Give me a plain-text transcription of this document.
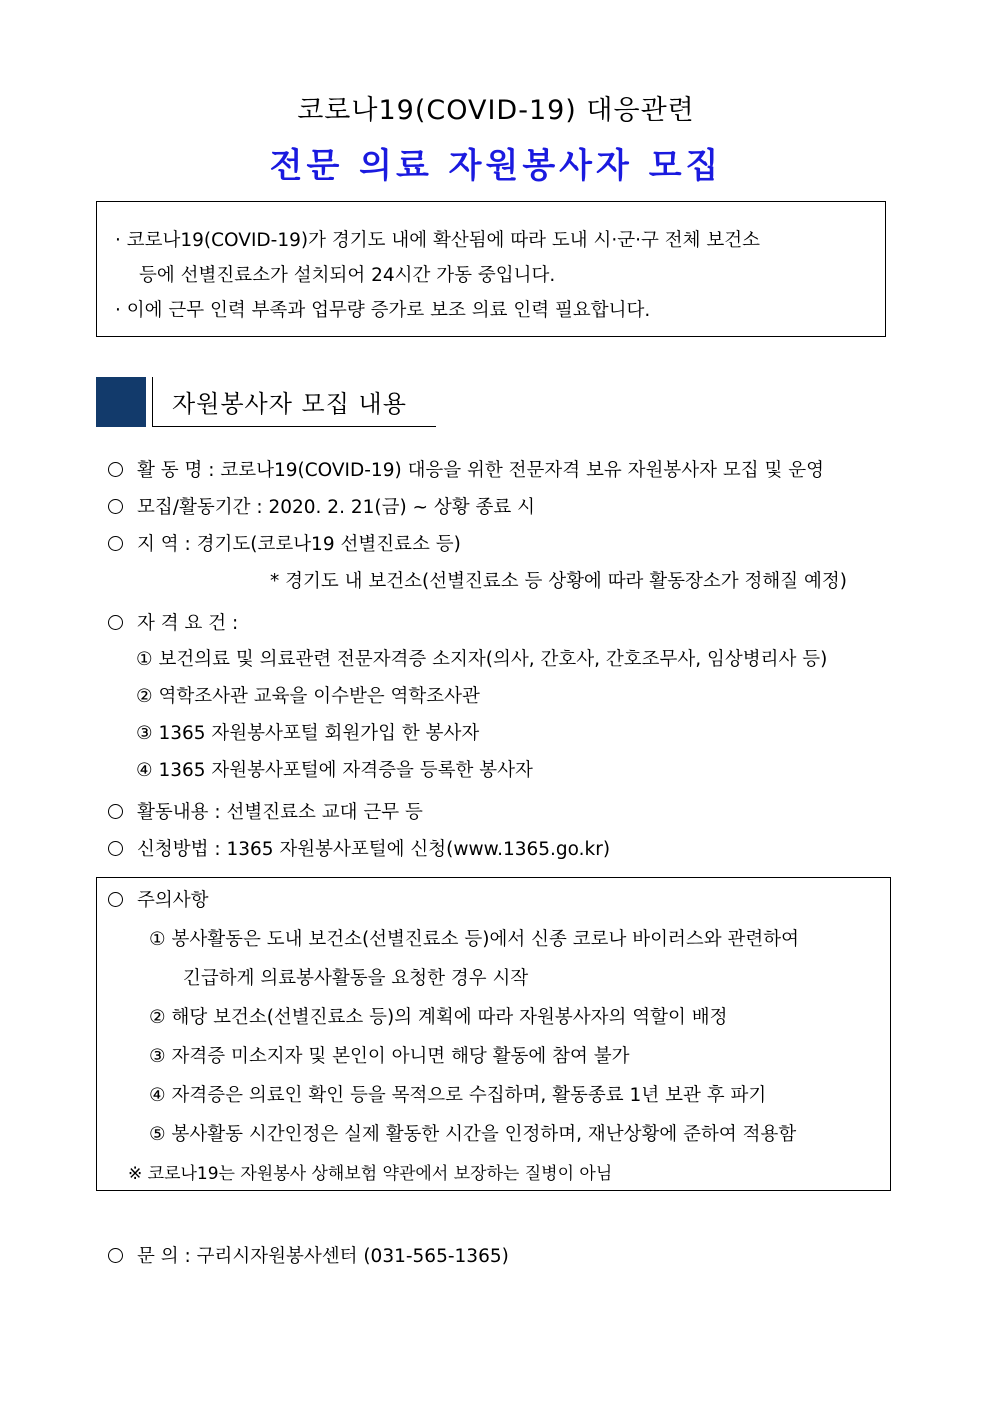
코로나19(COVID-19) 대응관련
전문 의료 자원봉사자 모집
· 코로나19(COVID-19)가 경기도 내에 확산됨에 따라 도내 시·군·구 전체 보건소
등에 선별진료소가 설치되어 24시간 가동 중입니다.
· 이에 근무 인력 부족과 업무량 증가로 보조 의료 인력 필요합니다.
자원봉사자 모집 내용
활 동 명 : 코로나19(COVID-19) 대응을 위한 전문자격 보유 자원봉사자 모집 및 운영
모집/활동기간 : 2020. 2. 21(금) ~ 상황 종료 시
지 역 : 경기도(코로나19 선별진료소 등)
* 경기도 내 보건소(선별진료소 등 상황에 따라 활동장소가 정해질 예정)
자 격 요 건 :
① 보건의료 및 의료관련 전문자격증 소지자(의사, 간호사, 간호조무사, 임상병리사 등)
② 역학조사관 교육을 이수받은 역학조사관
③ 1365 자원봉사포털 회원가입 한 봉사자
④ 1365 자원봉사포털에 자격증을 등록한 봉사자
활동내용 : 선별진료소 교대 근무 등
신청방법 : 1365 자원봉사포털에 신청(www.1365.go.kr)
주의사항
① 봉사활동은 도내 보건소(선별진료소 등)에서 신종 코로나 바이러스와 관련하여
긴급하게 의료봉사활동을 요청한 경우 시작
② 해당 보건소(선별진료소 등)의 계획에 따라 자원봉사자의 역할이 배정
③ 자격증 미소지자 및 본인이 아니면 해당 활동에 참여 불가
④ 자격증은 의료인 확인 등을 목적으로 수집하며, 활동종료 1년 보관 후 파기
⑤ 봉사활동 시간인정은 실제 활동한 시간을 인정하며, 재난상황에 준하여 적용함
※ 코로나19는 자원봉사 상해보험 약관에서 보장하는 질병이 아님
문 의 : 구리시자원봉사센터 (031-565-1365)
